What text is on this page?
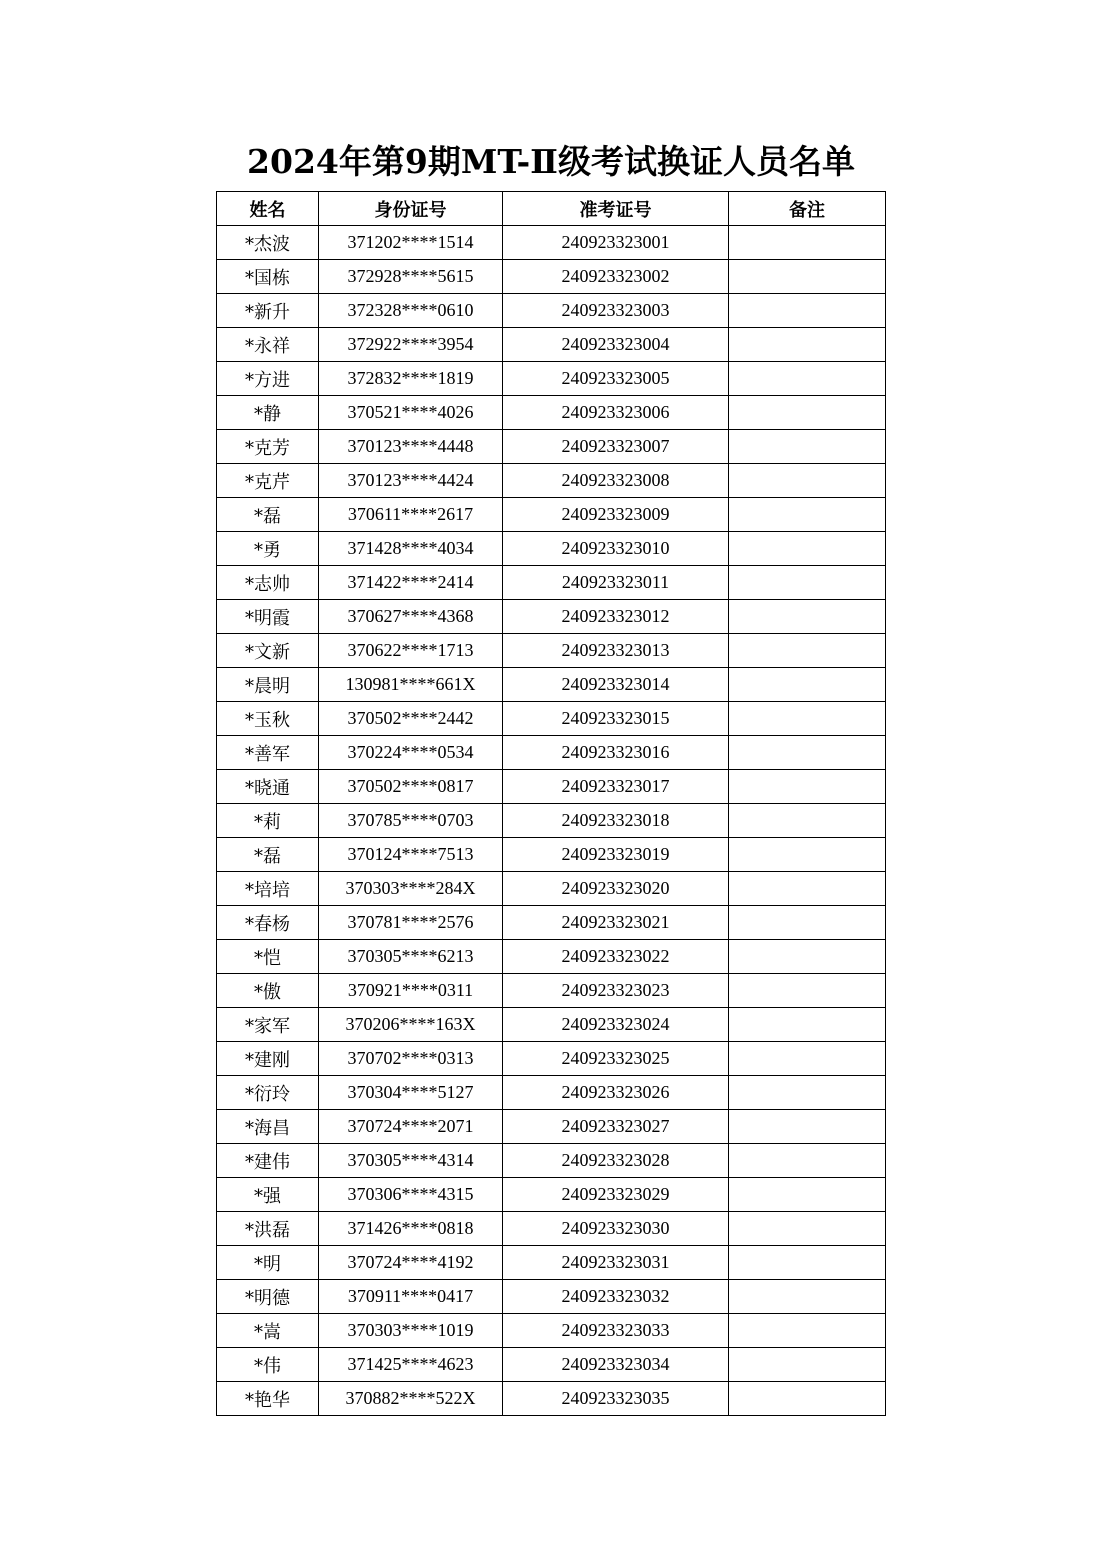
2024年第9期MT-Ⅱ级考试换证人员名单
姓名	身份证号	准考证号	备注
*杰波	371202****1514	240923323001	
*国栋	372928****5615	240923323002	
*新升	372328****0610	240923323003	
*永祥	372922****3954	240923323004	
*方进	372832****1819	240923323005	
*静	370521****4026	240923323006	
*克芳	370123****4448	240923323007	
*克芹	370123****4424	240923323008	
*磊	370611****2617	240923323009	
*勇	371428****4034	240923323010	
*志帅	371422****2414	240923323011	
*明霞	370627****4368	240923323012	
*文新	370622****1713	240923323013	
*晨明	130981****661X	240923323014	
*玉秋	370502****2442	240923323015	
*善军	370224****0534	240923323016	
*晓通	370502****0817	240923323017	
*莉	370785****0703	240923323018	
*磊	370124****7513	240923323019	
*培培	370303****284X	240923323020	
*春杨	370781****2576	240923323021	
*恺	370305****6213	240923323022	
*傲	370921****0311	240923323023	
*家军	370206****163X	240923323024	
*建刚	370702****0313	240923323025	
*衍玲	370304****5127	240923323026	
*海昌	370724****2071	240923323027	
*建伟	370305****4314	240923323028	
*强	370306****4315	240923323029	
*洪磊	371426****0818	240923323030	
*明	370724****4192	240923323031	
*明德	370911****0417	240923323032	
*嵩	370303****1019	240923323033	
*伟	371425****4623	240923323034	
*艳华	370882****522X	240923323035	
